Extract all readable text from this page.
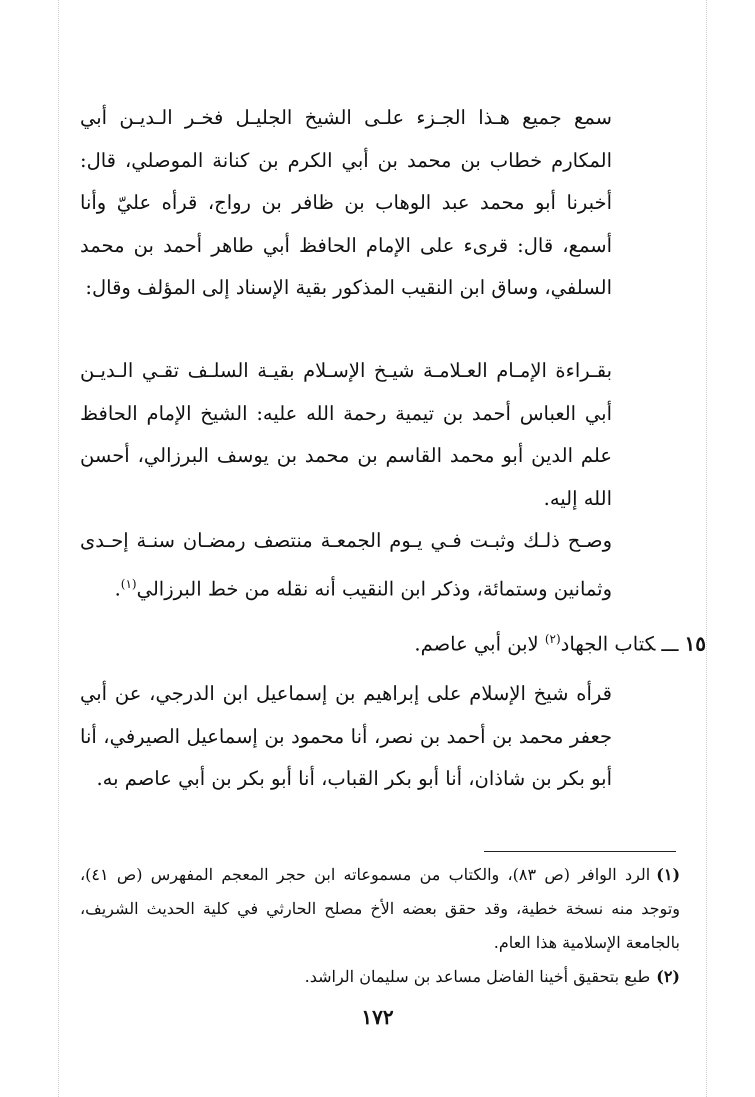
سمع جميع هـذا الجـزء علـى الشيخ الجليـل فخـر الـديـن أبي المكارم خطاب بن محمد بن أبي الكرم بن كنانة الموصلي، قال: أخبرنا أبو محمد عبد الوهاب بن ظافر بن رواج، قرأه عليّ وأنا أسمع، قال: قرىء على الإمام الحافظ أبي طاهر أحمد بن محمد السلفي، وساق ابن النقيب المذكور بقية الإسناد إلى المؤلف وقال:

بقـراءة الإمـام العـلامـة شيـخ الإسـلام بقيـة السلـف تقـي الـديـن أبي العباس أحمد بن تيمية رحمة الله عليه: الشيخ الإمام الحافظ علم الدين أبو محمد القاسم بن محمد بن يوسف البرزالي، أحسن الله إليه.

وصـح ذلـك وثبـت فـي يـوم الجمعـة منتصف رمضـان سنـة إحـدى وثمانين وستمائة، وذكر ابن النقيب أنه نقله من خط البرزالي$^{(١)}$.

١٥ـــكتاب الجهاد$^{(٢)}$ لابن أبي عاصم.

قرأه شيخ الإسلام على إبراهيم بن إسماعيل ابن الدرجي، عن أبي جعفر محمد بن أحمد بن نصر، أنا محمود بن إسماعيل الصيرفي، أنا أبو بكر بن شاذان، أنا أبو بكر القباب، أنا أبو بكر بن أبي عاصم به.

(١)الرد الوافر (ص ٨٣)، والكتاب من مسموعاته ابن حجر المعجم المفهرس (ص ٤١)، وتوجد منه نسخة خطية، وقد حقق بعضه الأخ مصلح الحارثي في كلية الحديث الشريف، بالجامعة الإسلامية هذا العام.

(٢)طبع بتحقيق أخينا الفاضل مساعد بن سليمان الراشد.

١٧٢
